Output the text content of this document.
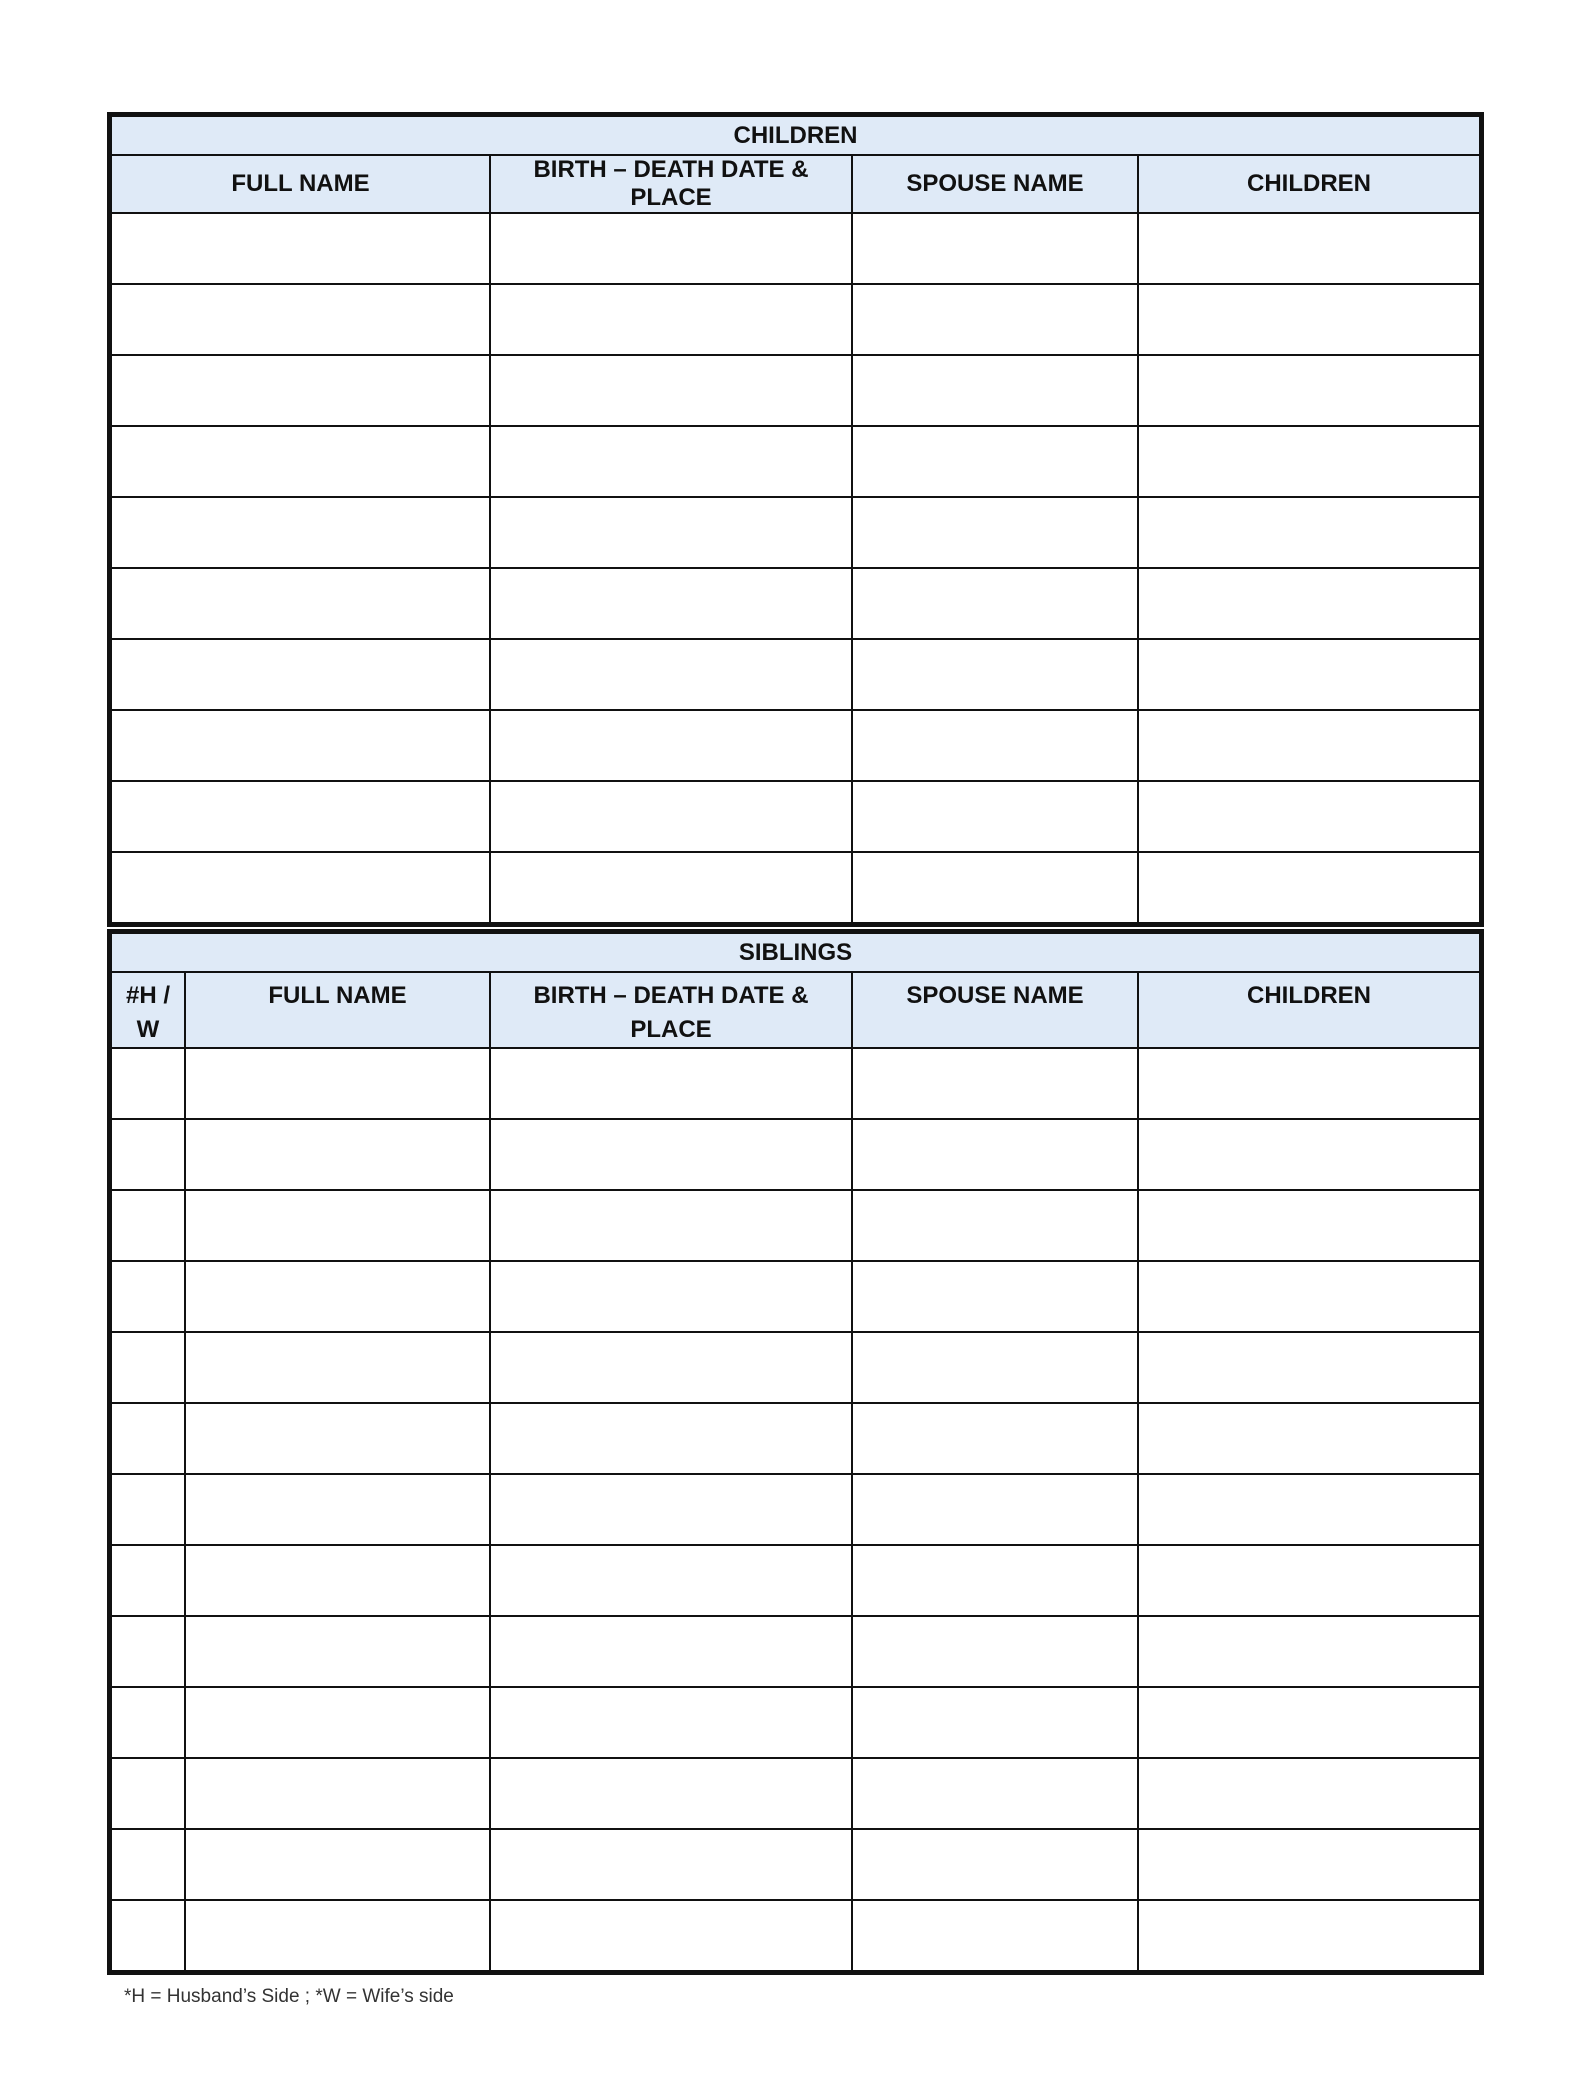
CHILDREN			
FULL NAME	BIRTH – DEATH DATE & PLACE	SPOUSE NAME	CHILDREN

SIBLINGS				
#H / W	FULL NAME	BIRTH – DEATH DATE & PLACE	SPOUSE NAME	CHILDREN

*H = Husband’s Side ; *W = Wife’s side
